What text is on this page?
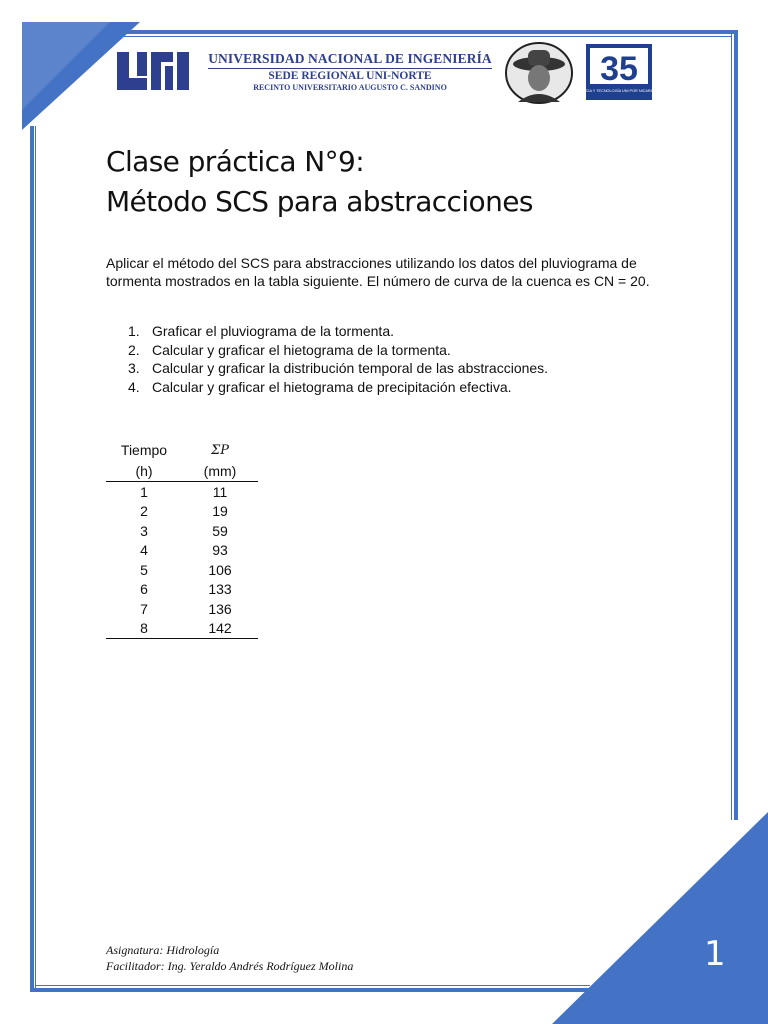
UNIVERSIDAD NACIONAL DE INGENIERÍA
SEDE REGIONAL UNI-NORTE
RECINTO UNIVERSITARIO AUGUSTO C. SANDINO	35
CIENCIA Y TECNOLOGÍA UNI POR NICARAGUA
Clase práctica N°9:
Método SCS para abstracciones

Aplicar el método del SCS para abstracciones utilizando los datos del pluviograma de tormenta mostrados en la tabla siguiente. El número de curva de la cuenca es CN = 20.

1. Graficar el pluviograma de la tormenta.
2. Calcular y graficar el hietograma de la tormenta.
3. Calcular y graficar la distribución temporal de las abstracciones.
4. Calcular y graficar el hietograma de precipitación efectiva.
Tiempo	ΣP
(h)	(mm)
1	11
2	19
3	59
4	93
5	106
6	133
7	136
8	142
Asignatura: Hidrología
Facilitador: Ing. Yeraldo Andrés Rodríguez Molina	1
